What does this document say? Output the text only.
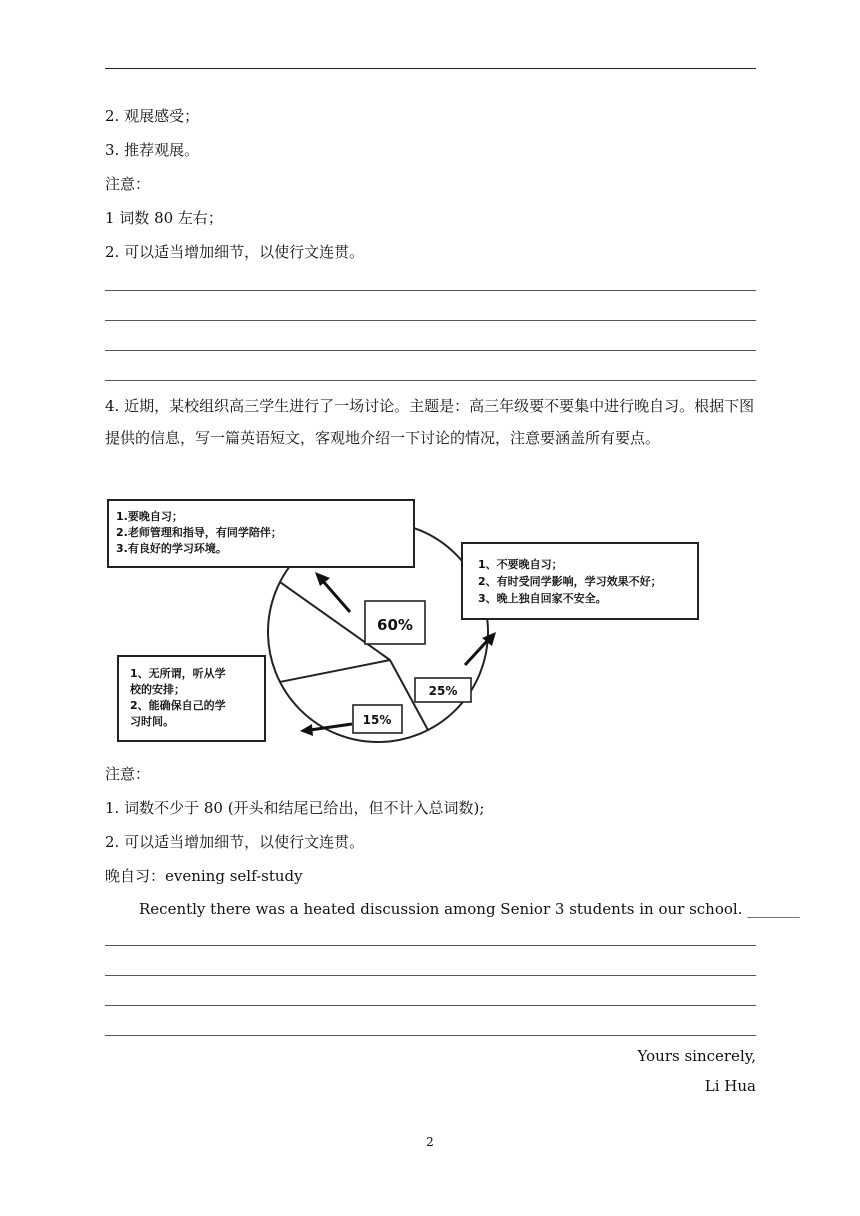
2. 观展感受；
3. 推荐观展。
注意：
1 词数 80 左右；
2. 可以适当增加细节，以使行文连贯。
4. 近期，某校组织高三学生进行了一场讨论。主题是：高三年级要不要集中进行晚自习。根据下图提供的信息，写一篇英语短文，客观地介绍一下讨论的情况，注意要涵盖所有要点。
1.要晚自习；
2.老师管理和指导，有同学陪伴；
3.有良好的学习环境。
1、不要晚自习；
2、有时受同学影响，学习效果不好；
3、晚上独自回家不安全。
1、无所谓，听从学
校的安排；
2、能确保自己的学
习时间。
60%
25%
15%
注意：
1. 词数不少于 80 (开头和结尾已给出，但不计入总词数);
2. 可以适当增加细节，以使行文连贯。
晚自习：evening self-study
Recently there was a heated discussion among Senior 3 students in our school. _______
Yours sincerely,
Li Hua
2
